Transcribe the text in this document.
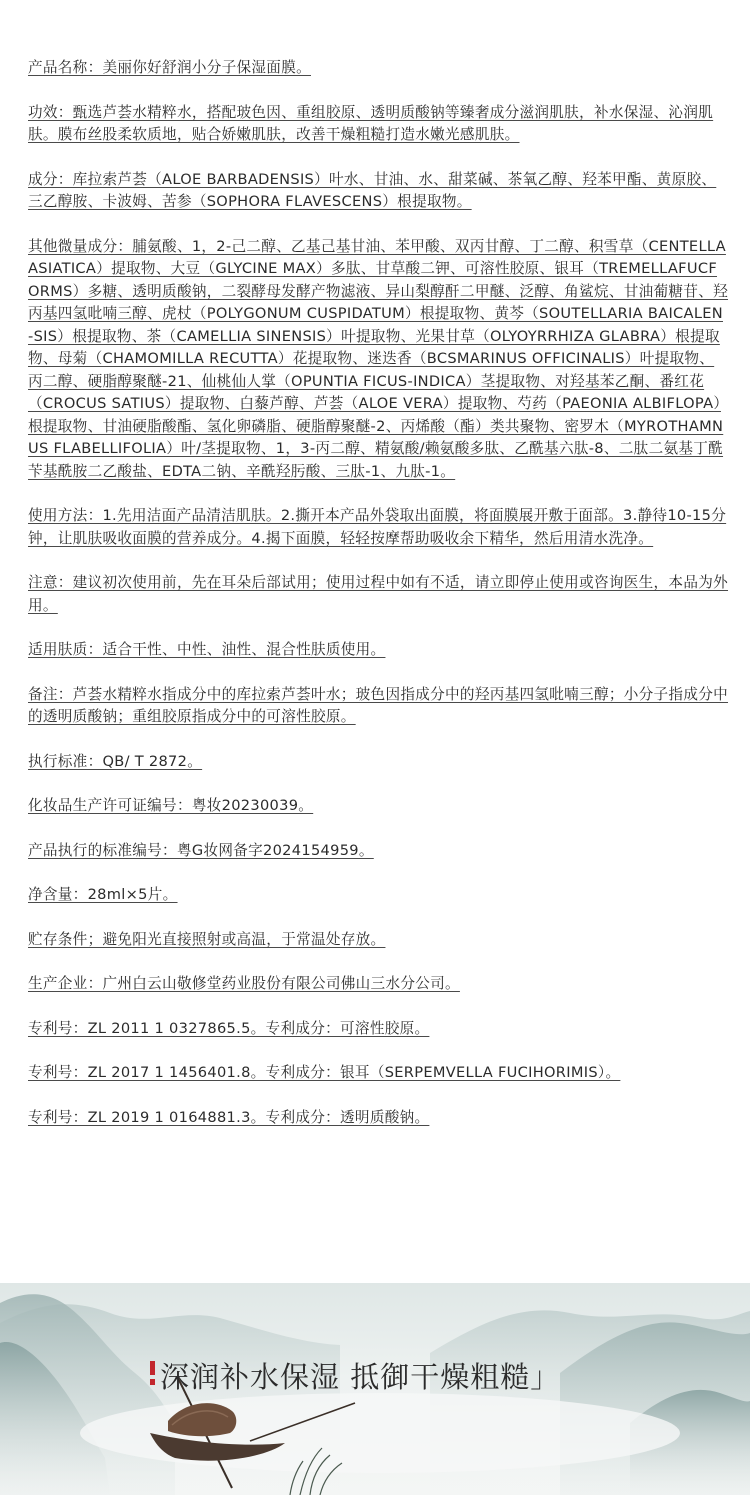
产品名称：美丽你好舒润小分子保湿面膜。

功效：甄选芦荟水精粹水，搭配玻色因、重组胶原、透明质酸钠等臻奢成分滋润肌肤，补水保湿、沁润肌肤。膜布丝股柔软质地，贴合娇嫩肌肤，改善干燥粗糙打造水嫩光感肌肤。

成分：库拉索芦荟（ALOE BARBADENSIS）叶水、甘油、水、甜菜碱、茶氧乙醇、羟苯甲酯、黄原胶、三乙醇胺、卡波姆、苦参（SOPHORA FLAVESCENS）根提取物。

其他微量成分：脯氨酸、1，2-己二醇、乙基己基甘油、苯甲酸、双丙甘醇、丁二醇、积雪草（CENTELLAASIATICA）提取物、大豆（GLYCINE MAX）多肽、甘草酸二钾、可溶性胶原、银耳（TREMELLAFUCFORMS）多糖、透明质酸钠，二裂酵母发酵产物滤液、异山梨醇酐二甲醚、泛醇、角鲨烷、甘油葡糖苷、羟丙基四氢吡喃三醇、虎杖（POLYGONUM CUSPIDATUM）根提取物、黄芩（SOUTELLARIA BAICALEN-SIS）根提取物、茶（CAMELLIA SINENSIS）叶提取物、光果甘草（OLYOYRRHIZA GLABRA）根提取物、母菊（CHAMOMILLA RECUTTA）花提取物、迷迭香（BCSMARINUS OFFICINALIS）叶提取物、丙二醇、硬脂醇聚醚-21、仙桃仙人掌（OPUNTIA FICUS-INDICA）茎提取物、对羟基苯乙酮、番红花（CROCUS SATIUS）提取物、白藜芦醇、芦荟（ALOE VERA）提取物、芍药（PAEONIA ALBIFLOPA）根提取物、甘油硬脂酸酯、氢化卵磷脂、硬脂醇聚醚-2、丙烯酸（酯）类共聚物、密罗木（MYROTHAMNUS FLABELLIFOLIA）叶/茎提取物、1，3-丙二醇、精氨酸/赖氨酸多肽、乙酰基六肽-8、二肽二氨基丁酰苄基酰胺二乙酸盐、EDTA二钠、辛酰羟肟酸、三肽-1、九肽-1。

使用方法：1.先用洁面产品清洁肌肤。2.撕开本产品外袋取出面膜，将面膜展开敷于面部。3.静待10-15分钟，让肌肤吸收面膜的营养成分。4.揭下面膜，轻轻按摩帮助吸收余下精华，然后用清水洗净。

注意：建议初次使用前，先在耳朵后部试用；使用过程中如有不适，请立即停止使用或咨询医生，本品为外用。

适用肤质：适合干性、中性、油性、混合性肤质使用。

备注：芦荟水精粹水指成分中的库拉索芦荟叶水；玻色因指成分中的羟丙基四氢吡喃三醇；小分子指成分中的透明质酸钠；重组胶原指成分中的可溶性胶原。

执行标准：QB/ T 2872。

化妆品生产许可证编号：粤妆20230039。

产品执行的标准编号：粤G妆网备字2024154959。

净含量：28ml×5片。

贮存条件；避免阳光直接照射或高温，于常温处存放。

生产企业：广州白云山敬修堂药业股份有限公司佛山三水分公司。

专利号：ZL 2011 1 0327865.5。专利成分：可溶性胶原。

专利号：ZL 2017 1 1456401.8。专利成分：银耳（SERPEMVELLA FUCIHORIMIS）。

专利号：ZL 2019 1 0164881.3。专利成分：透明质酸钠。

深润补水保湿 抵御干燥粗糙」
